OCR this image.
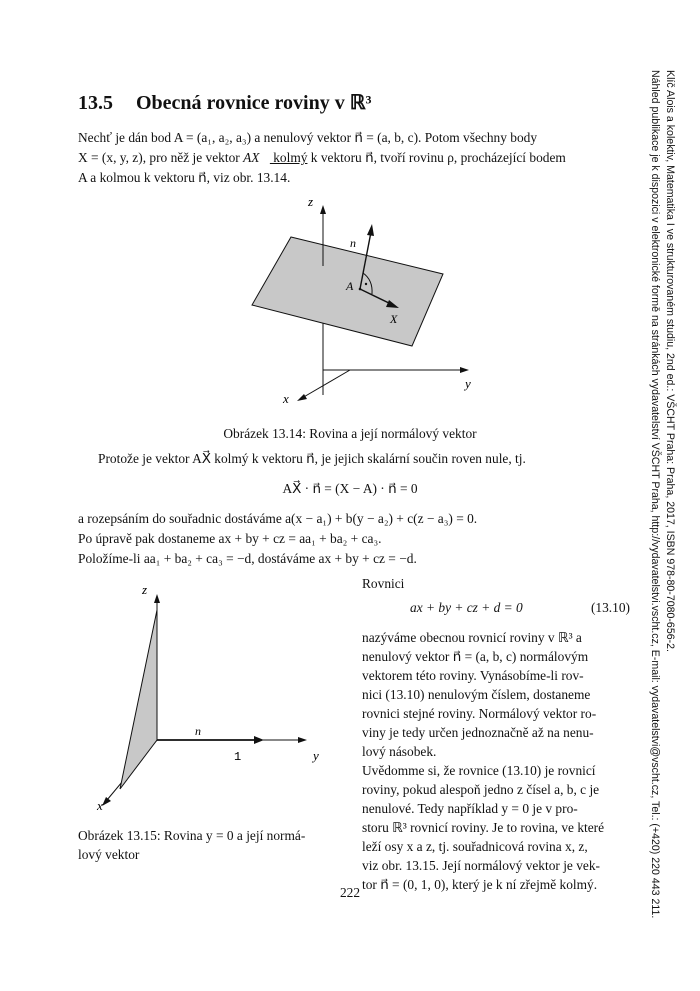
Klíč Alois a kolektiv, Matematika I ve strukturovaném studiu, 2nd ed.: VŠCHT Praha: Praha, 2017, ISBN 978-80-7080-656-2.
Náhled publikace je k dispozici v elektronické formě na stránkách vydavatelství VŠCHT Praha, http://vydavatelstvi.vscht.cz, E-mail: vydavatelstvi@vscht.cz, Tel.: (+420) 220 443 211.
13.5 Obecná rovnice roviny v ℝ³
Nechť je dán bod A = (a₁, a₂, a₃) a nenulový vektor n⃗ = (a, b, c). Potom všechny body
X = (x, y, z), pro něž je vektor AX⃗ kolmý k vektoru n⃗, tvoří rovinu ρ, procházející bodem
A a kolmou k vektoru n⃗, viz obr. 13.14.
z
y
x
n⃗
A
X
z
y
x
n⃗
1
Obrázek 13.14: Rovina a její normálový vektor
Protože je vektor AX⃗ kolmý k vektoru n⃗, je jejich skalární součin roven nule, tj.
AX⃗ · n⃗ = (X − A) · n⃗ = 0
a rozepsáním do souřadnic dostáváme a(x − a₁) + b(y − a₂) + c(z − a₃) = 0.
Po úpravě pak dostaneme ax + by + cz = aa₁ + ba₂ + ca₃.
Položíme-li aa₁ + ba₂ + ca₃ = −d, dostáváme ax + by + cz = −d.
Rovnici
ax + by + cz + d = 0	(13.10)
nazýváme obecnou rovnicí roviny v ℝ³ a
nenulový vektor n⃗ = (a, b, c) normálovým
vektorem této roviny. Vynásobíme-li rov-
nici (13.10) nenulovým číslem, dostaneme
rovnici stejné roviny. Normálový vektor ro-
viny je tedy určen jednoznačně až na nenu-
lový násobek.
Uvědomme si, že rovnice (13.10) je rovnicí
roviny, pokud alespoň jedno z čísel a, b, c je
nenulové. Tedy například y = 0 je v pro-
storu ℝ³ rovnicí roviny. Je to rovina, ve které
leží osy x a z, tj. souřadnicová rovina x, z,
viz obr. 13.15. Její normálový vektor je vek-
tor n⃗ = (0, 1, 0), který je k ní zřejmě kolmý.
Obrázek 13.15: Rovina y = 0 a její normá-
lový vektor
222
